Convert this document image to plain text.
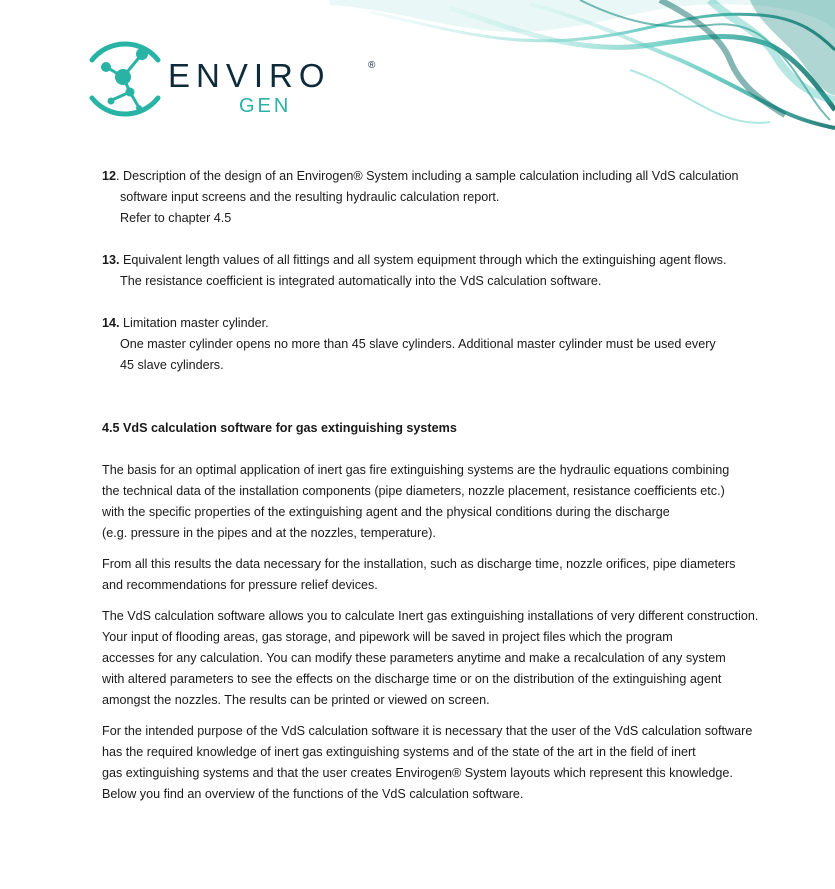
ENVIRO	®
GEN
12. Description of the design of an Envirogen® System including a sample calculation including all VdS calculation
software input screens and the resulting hydraulic calculation report.
Refer to chapter 4.5
13. Equivalent length values of all fittings and all system equipment through which the extinguishing agent flows.
The resistance coefficient is integrated automatically into the VdS calculation software.
14. Limitation master cylinder.
One master cylinder opens no more than 45 slave cylinders. Additional master cylinder must be used every
45 slave cylinders.
4.5 VdS calculation software for gas extinguishing systems
The basis for an optimal application of inert gas fire extinguishing systems are the hydraulic equations combining
the technical data of the installation components (pipe diameters, nozzle placement, resistance coefficients etc.)
with the specific properties of the extinguishing agent and the physical conditions during the discharge
(e.g. pressure in the pipes and at the nozzles, temperature).
From all this results the data necessary for the installation, such as discharge time, nozzle orifices, pipe diameters
and recommendations for pressure relief devices.
The VdS calculation software allows you to calculate Inert gas extinguishing installations of very different construction.
Your input of flooding areas, gas storage, and pipework will be saved in project files which the program
accesses for any calculation. You can modify these parameters anytime and make a recalculation of any system
with altered parameters to see the effects on the discharge time or on the distribution of the extinguishing agent
amongst the nozzles. The results can be printed or viewed on screen.
For the intended purpose of the VdS calculation software it is necessary that the user of the VdS calculation software
has the required knowledge of inert gas extinguishing systems and of the state of the art in the field of inert
gas extinguishing systems and that the user creates Envirogen® System layouts which represent this knowledge.
Below you find an overview of the functions of the VdS calculation software.
